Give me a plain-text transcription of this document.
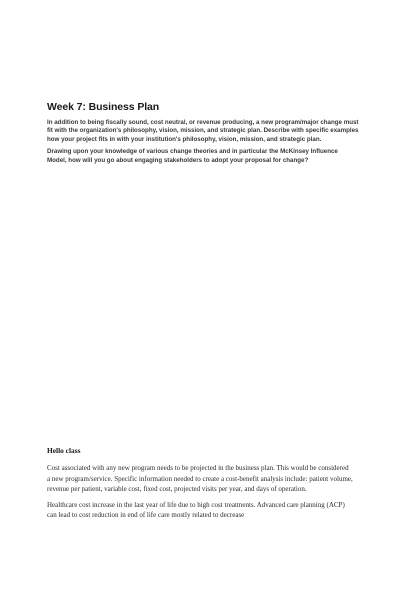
Week 7: Business Plan

In addition to being fiscally sound, cost neutral, or revenue producing, a new program/major change must fit with the organization's philosophy, vision, mission, and strategic plan. Describe with specific examples how your project fits in with your institution's philosophy, vision, mission, and strategic plan.

Drawing upon your knowledge of various change theories and in particular the McKinsey Influence Model, how will you go about engaging stakeholders to adopt your proposal for change?

Hello class

Cost associated with any new program needs to be projected in the business plan. This would be considered a new program/service. Specific information needed to create a cost-benefit analysis include: patient volume, revenue per patient, variable cost, fixed cost, projected visits per year, and days of operation.

Healthcare cost increase in the last year of life due to high cost treatments. Advanced care planning (ACP) can lead to cost reduction in end of life care mostly related to decrease
